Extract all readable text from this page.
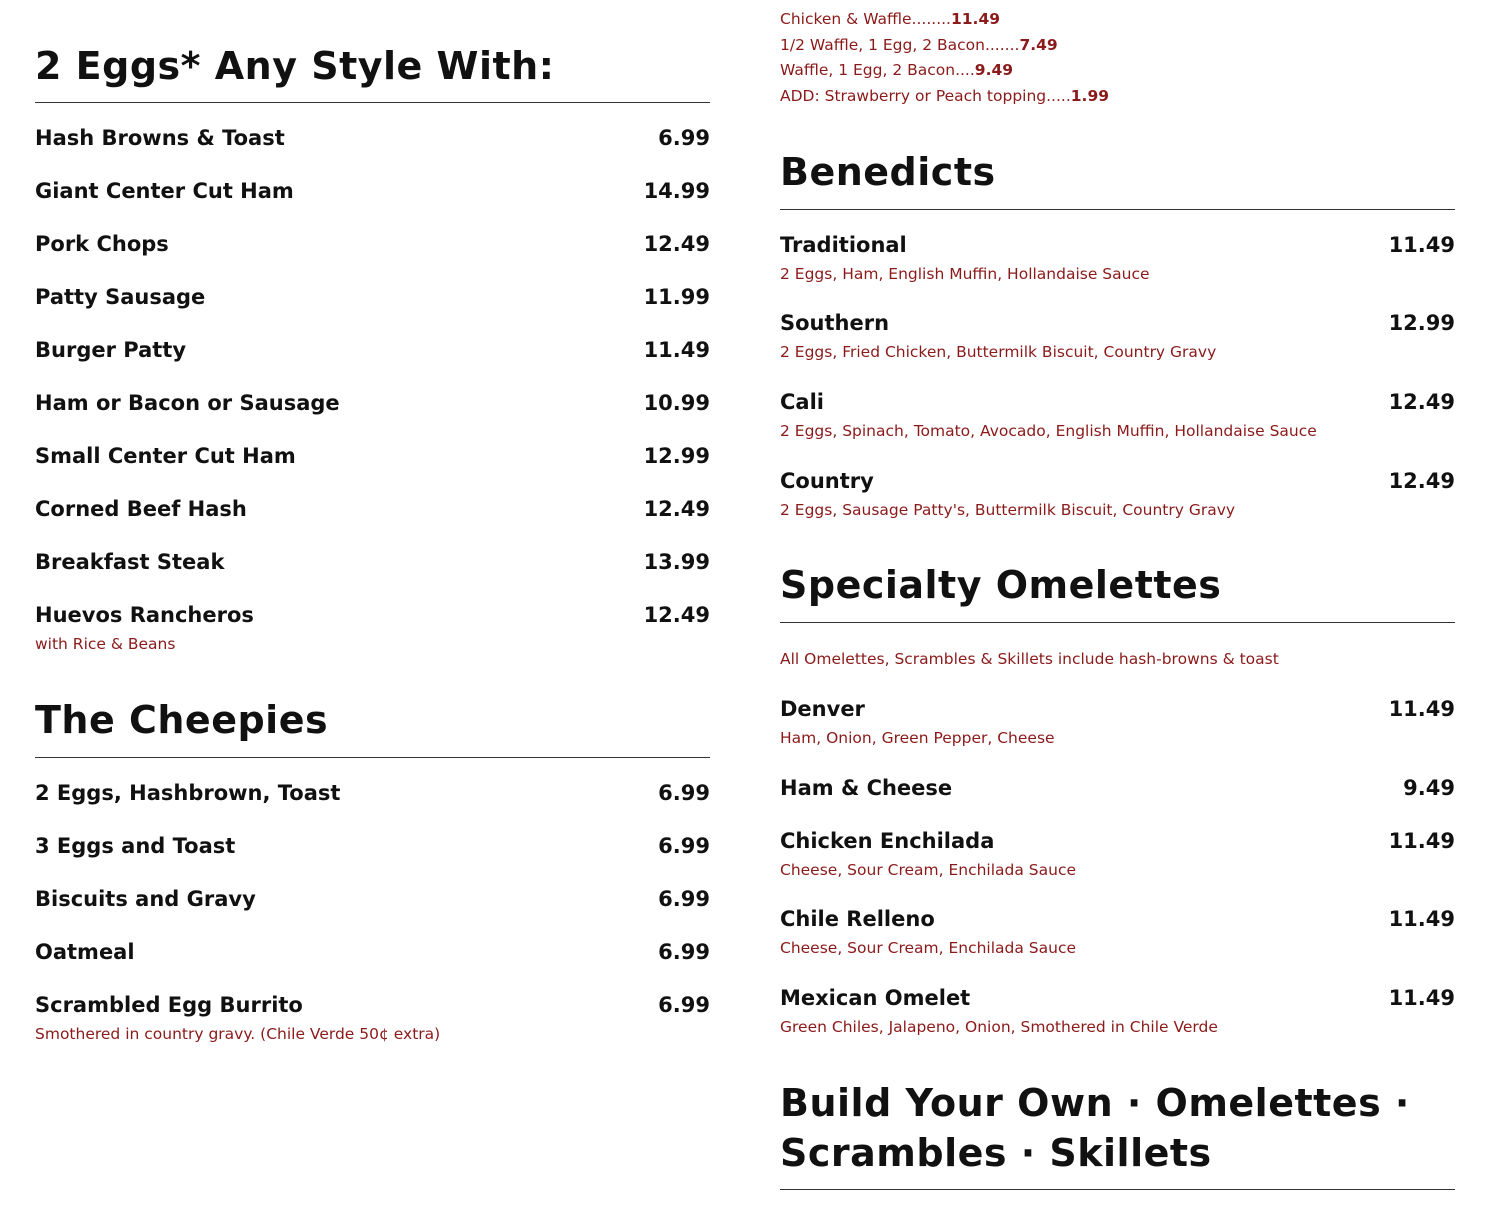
2 Eggs* Any Style With:
Hash Browns & Toast	6.99
Giant Center Cut Ham	14.99
Pork Chops	12.49
Patty Sausage	11.99
Burger Patty	11.49
Ham or Bacon or Sausage	10.99
Small Center Cut Ham	12.99
Corned Beef Hash	12.49
Breakfast Steak	13.99
Huevos Rancheros	12.49
with Rice & Beans
The Cheepies
2 Eggs, Hashbrown, Toast	6.99
3 Eggs and Toast	6.99
Biscuits and Gravy	6.99
Oatmeal	6.99
Scrambled Egg Burrito	6.99
Smothered in country gravy. (Chile Verde 50¢ extra)
Chicken & Waffle........11.49
1/2 Waffle, 1 Egg, 2 Bacon.......7.49
Waffle, 1 Egg, 2 Bacon....9.49
ADD: Strawberry or Peach topping.....1.99
Benedicts
Traditional	11.49
2 Eggs, Ham, English Muffin, Hollandaise Sauce
Southern	12.99
2 Eggs, Fried Chicken, Buttermilk Biscuit, Country Gravy
Cali	12.49
2 Eggs, Spinach, Tomato, Avocado, English Muffin, Hollandaise Sauce
Country	12.49
2 Eggs, Sausage Patty's, Buttermilk Biscuit, Country Gravy
Specialty Omelettes
All Omelettes, Scrambles & Skillets include hash-browns & toast
Denver	11.49
Ham, Onion, Green Pepper, Cheese
Ham & Cheese	9.49
Chicken Enchilada	11.49
Cheese, Sour Cream, Enchilada Sauce
Chile Relleno	11.49
Cheese, Sour Cream, Enchilada Sauce
Mexican Omelet	11.49
Green Chiles, Jalapeno, Onion, Smothered in Chile Verde
Build Your Own · Omelettes ·
Scrambles · Skillets
